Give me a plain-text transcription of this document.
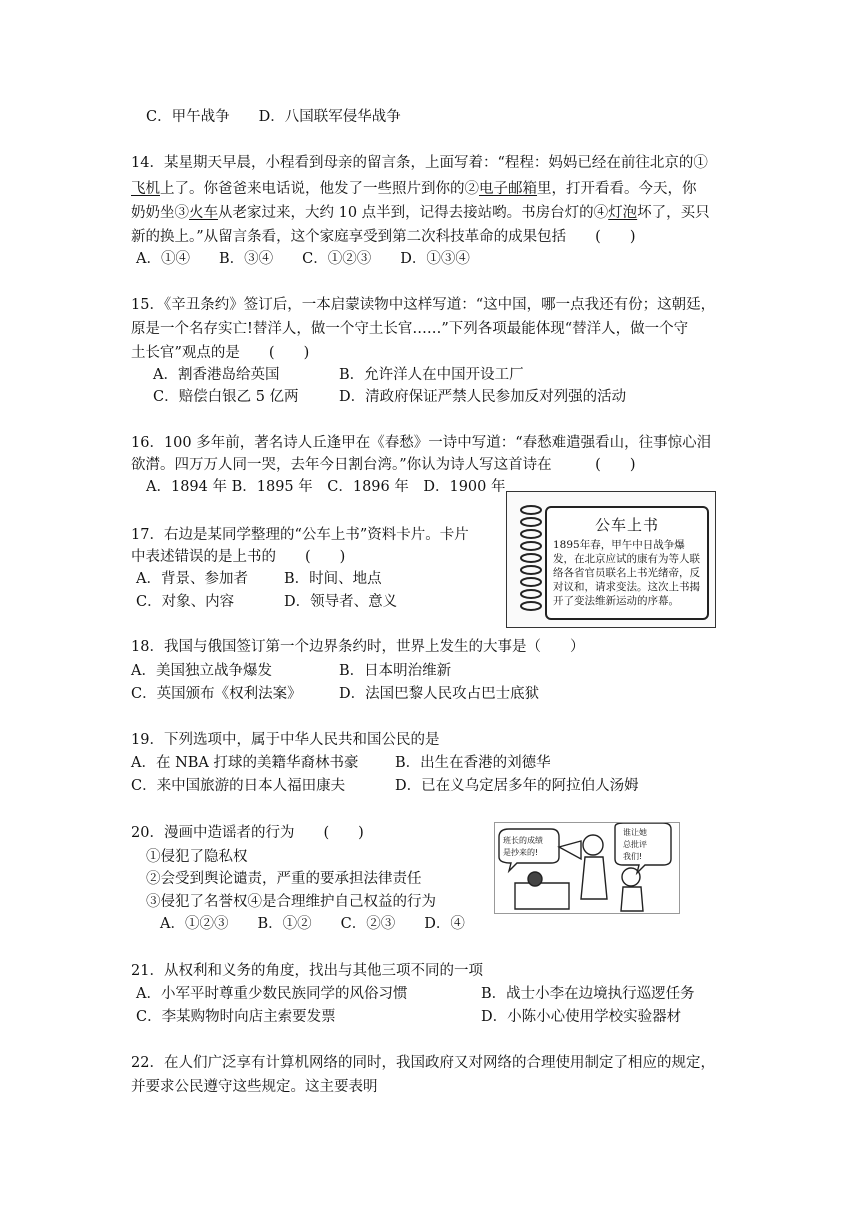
C．甲午战争　　D．八国联军侵华战争
14．某星期天早晨，小程看到母亲的留言条，上面写着：“程程：妈妈已经在前往北京的①
飞机上了。你爸爸来电话说，他发了一些照片到你的②电子邮箱里，打开看看。今天，你
奶奶坐③火车从老家过来，大约 10 点半到，记得去接站哟。书房台灯的④灯泡坏了，买只
新的换上。”从留言条看，这个家庭享受到第二次科技革命的成果包括　　(　　)
A．①④　　B．③④　　C．①②③　　D．①③④
15．《辛丑条约》签订后，一本启蒙读物中这样写道：“这中国，哪一点我还有份；这朝廷，
原是一个名存实亡!替洋人，做一个守土长官……”下列各项最能体现“替洋人，做一个守
土长官”观点的是　　(　　)
A．割香港岛给英国	B．允许洋人在中国开设工厂
C．赔偿白银乙 5 亿两	D．清政府保证严禁人民参加反对列强的活动
16．100 多年前，著名诗人丘逢甲在《春愁》一诗中写道：“春愁难遣强看山，往事惊心泪
欲潸。四万万人同一哭，去年今日割台湾。”你认为诗人写这首诗在　　　(　　)
A．1894 年 B．1895 年　C．1896 年　D．1900 年
17．右边是某同学整理的“公车上书”资料卡片。卡片
中表述错误的是上书的　　(　　)
A．背景、参加者 B．时间、地点
C．对象、内容	D．领导者、意义
公车上书
1895年春，甲午中日战争爆发，在北京应试的康有为等人联络各省官员联名上书光绪帝，反对议和，请求变法。这次上书揭开了变法维新运动的序幕。
18．我国与俄国签订第一个边界条约时，世界上发生的大事是（　　）
A．美国独立战争爆发	B．日本明治维新
C．英国颁布《权利法案》	D．法国巴黎人民攻占巴士底狱
19．下列选项中，属于中华人民共和国公民的是
A．在 NBA 打球的美籍华裔林书豪	B．出生在香港的刘德华
C．来中国旅游的日本人福田康夫	D．已在义乌定居多年的阿拉伯人汤姆
20．漫画中造谣者的行为　　(　　)
①侵犯了隐私权
②会受到舆论谴责，严重的要承担法律责任
③侵犯了名誉权④是合理维护自己权益的行为
A．①②③　　B．①②　　C．②③　　D．④
班长的成绩
是抄来的!
谁让她
总批评
我们!
21．从权利和义务的角度，找出与其他三项不同的一项
A．小军平时尊重少数民族同学的风俗习惯	B．战士小李在边境执行巡逻任务
C．李某购物时向店主索要发票	D．小陈小心使用学校实验器材
22．在人们广泛享有计算机网络的同时，我国政府又对网络的合理使用制定了相应的规定，
并要求公民遵守这些规定。这主要表明
